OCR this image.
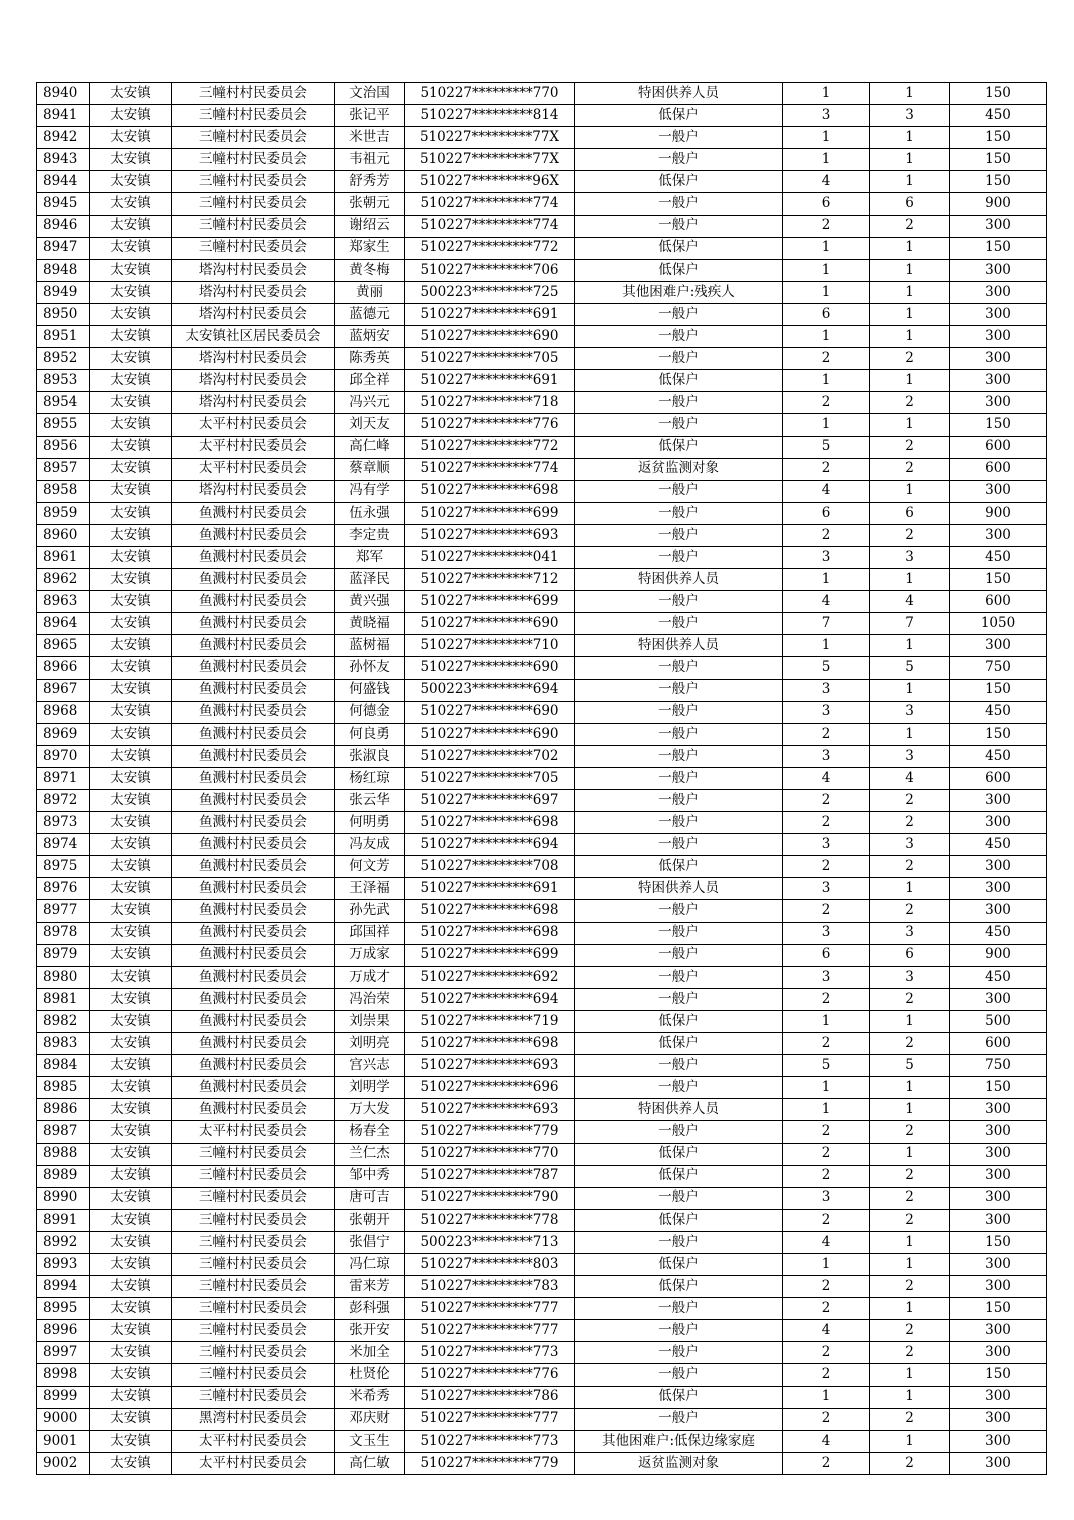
8940	太安镇	三幢村村民委员会	文治国	510227*********770	特困供养人员	1	1	150
8941	太安镇	三幢村村民委员会	张记平	510227*********814	低保户	3	3	450
8942	太安镇	三幢村村民委员会	米世吉	510227*********77X	一般户	1	1	150
8943	太安镇	三幢村村民委员会	韦祖元	510227*********77X	一般户	1	1	150
8944	太安镇	三幢村村民委员会	舒秀芳	510227*********96X	低保户	4	1	150
8945	太安镇	三幢村村民委员会	张朝元	510227*********774	一般户	6	6	900
8946	太安镇	三幢村村民委员会	谢绍云	510227*********774	一般户	2	2	300
8947	太安镇	三幢村村民委员会	郑家生	510227*********772	低保户	1	1	150
8948	太安镇	塔沟村村民委员会	黄冬梅	510227*********706	低保户	1	1	300
8949	太安镇	塔沟村村民委员会	黄丽	500223*********725	其他困难户:残疾人	1	1	300
8950	太安镇	塔沟村村民委员会	蓝德元	510227*********691	一般户	6	1	300
8951	太安镇	太安镇社区居民委员会	蓝炳安	510227*********690	一般户	1	1	300
8952	太安镇	塔沟村村民委员会	陈秀英	510227*********705	一般户	2	2	300
8953	太安镇	塔沟村村民委员会	邱全祥	510227*********691	低保户	1	1	300
8954	太安镇	塔沟村村民委员会	冯兴元	510227*********718	一般户	2	2	300
8955	太安镇	太平村村民委员会	刘天友	510227*********776	一般户	1	1	150
8956	太安镇	太平村村民委员会	高仁峰	510227*********772	低保户	5	2	600
8957	太安镇	太平村村民委员会	蔡章顺	510227*********774	返贫监测对象	2	2	600
8958	太安镇	塔沟村村民委员会	冯有学	510227*********698	一般户	4	1	300
8959	太安镇	鱼溅村村民委员会	伍永强	510227*********699	一般户	6	6	900
8960	太安镇	鱼溅村村民委员会	李定贵	510227*********693	一般户	2	2	300
8961	太安镇	鱼溅村村民委员会	郑军	510227*********041	一般户	3	3	450
8962	太安镇	鱼溅村村民委员会	蓝泽民	510227*********712	特困供养人员	1	1	150
8963	太安镇	鱼溅村村民委员会	黄兴强	510227*********699	一般户	4	4	600
8964	太安镇	鱼溅村村民委员会	黄晓福	510227*********690	一般户	7	7	1050
8965	太安镇	鱼溅村村民委员会	蓝树福	510227*********710	特困供养人员	1	1	300
8966	太安镇	鱼溅村村民委员会	孙怀友	510227*********690	一般户	5	5	750
8967	太安镇	鱼溅村村民委员会	何盛钱	500223*********694	一般户	3	1	150
8968	太安镇	鱼溅村村民委员会	何德金	510227*********690	一般户	3	3	450
8969	太安镇	鱼溅村村民委员会	何良勇	510227*********690	一般户	2	1	150
8970	太安镇	鱼溅村村民委员会	张淑良	510227*********702	一般户	3	3	450
8971	太安镇	鱼溅村村民委员会	杨红琼	510227*********705	一般户	4	4	600
8972	太安镇	鱼溅村村民委员会	张云华	510227*********697	一般户	2	2	300
8973	太安镇	鱼溅村村民委员会	何明勇	510227*********698	一般户	2	2	300
8974	太安镇	鱼溅村村民委员会	冯友成	510227*********694	一般户	3	3	450
8975	太安镇	鱼溅村村民委员会	何文芳	510227*********708	低保户	2	2	300
8976	太安镇	鱼溅村村民委员会	王泽福	510227*********691	特困供养人员	3	1	300
8977	太安镇	鱼溅村村民委员会	孙先武	510227*********698	一般户	2	2	300
8978	太安镇	鱼溅村村民委员会	邱国祥	510227*********698	一般户	3	3	450
8979	太安镇	鱼溅村村民委员会	万成家	510227*********699	一般户	6	6	900
8980	太安镇	鱼溅村村民委员会	万成才	510227*********692	一般户	3	3	450
8981	太安镇	鱼溅村村民委员会	冯治荣	510227*********694	一般户	2	2	300
8982	太安镇	鱼溅村村民委员会	刘崇果	510227*********719	低保户	1	1	500
8983	太安镇	鱼溅村村民委员会	刘明亮	510227*********698	低保户	2	2	600
8984	太安镇	鱼溅村村民委员会	宫兴志	510227*********693	一般户	5	5	750
8985	太安镇	鱼溅村村民委员会	刘明学	510227*********696	一般户	1	1	150
8986	太安镇	鱼溅村村民委员会	万大发	510227*********693	特困供养人员	1	1	300
8987	太安镇	太平村村民委员会	杨春全	510227*********779	一般户	2	2	300
8988	太安镇	三幢村村民委员会	兰仁杰	510227*********770	低保户	2	1	300
8989	太安镇	三幢村村民委员会	邹中秀	510227*********787	低保户	2	2	300
8990	太安镇	三幢村村民委员会	唐可吉	510227*********790	一般户	3	2	300
8991	太安镇	三幢村村民委员会	张朝开	510227*********778	低保户	2	2	300
8992	太安镇	三幢村村民委员会	张倡宁	500223*********713	一般户	4	1	150
8993	太安镇	三幢村村民委员会	冯仁琼	510227*********803	低保户	1	1	300
8994	太安镇	三幢村村民委员会	雷来芳	510227*********783	低保户	2	2	300
8995	太安镇	三幢村村民委员会	彭科强	510227*********777	一般户	2	1	150
8996	太安镇	三幢村村民委员会	张开安	510227*********777	一般户	4	2	300
8997	太安镇	三幢村村民委员会	米加全	510227*********773	一般户	2	2	300
8998	太安镇	三幢村村民委员会	杜贤伦	510227*********776	一般户	2	1	150
8999	太安镇	三幢村村民委员会	米希秀	510227*********786	低保户	1	1	300
9000	太安镇	黑湾村村民委员会	邓庆财	510227*********777	一般户	2	2	300
9001	太安镇	太平村村民委员会	文玉生	510227*********773	其他困难户:低保边缘家庭	4	1	300
9002	太安镇	太平村村民委员会	高仁敏	510227*********779	返贫监测对象	2	2	300
